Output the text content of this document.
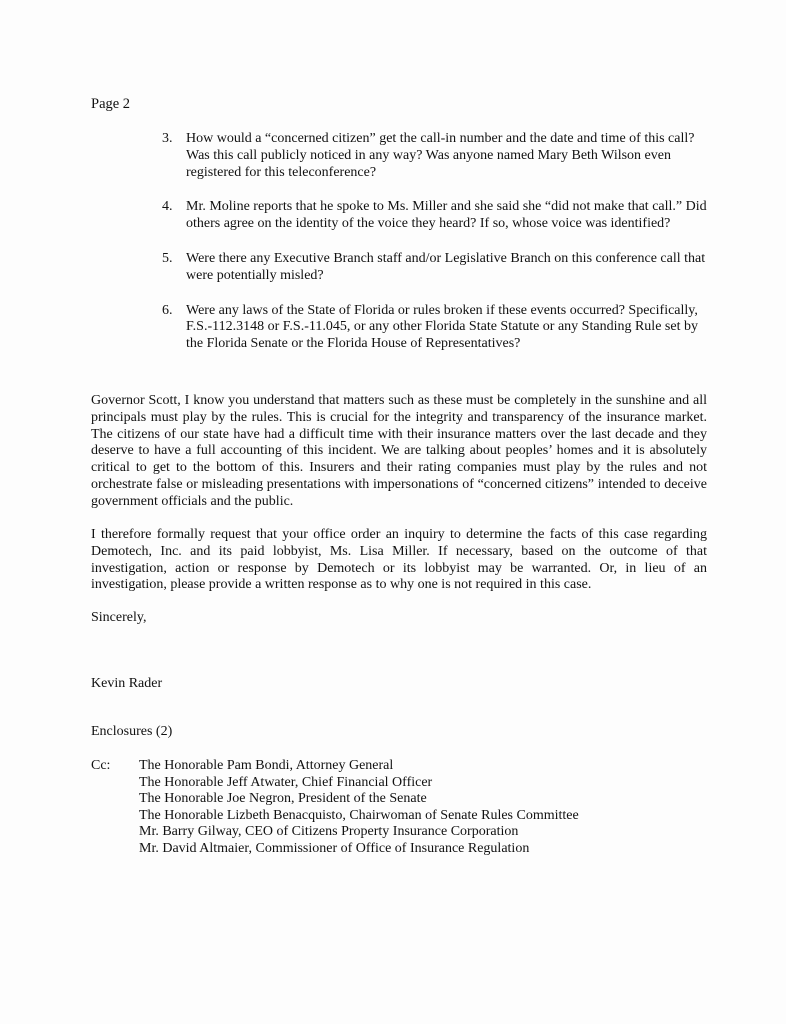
Page 2
3. How would a “concerned citizen” get the call-in number and the date and time of this call? Was this call publicly noticed in any way? Was anyone named Mary Beth Wilson even registered for this teleconference?
4. Mr. Moline reports that he spoke to Ms. Miller and she said she “did not make that call.” Did others agree on the identity of the voice they heard? If so, whose voice was identified?
5. Were there any Executive Branch staff and/or Legislative Branch on this conference call that were potentially misled?
6. Were any laws of the State of Florida or rules broken if these events occurred? Specifically, F.S.-112.3148 or F.S.-11.045, or any other Florida State Statute or any Standing Rule set by the Florida Senate or the Florida House of Representatives?

Governor Scott, I know you understand that matters such as these must be completely in the sunshine and all principals must play by the rules. This is crucial for the integrity and transparency of the insurance market. The citizens of our state have had a difficult time with their insurance matters over the last decade and they deserve to have a full accounting of this incident. We are talking about peoples’ homes and it is absolutely critical to get to the bottom of this. Insurers and their rating companies must play by the rules and not orchestrate false or misleading presentations with impersonations of “concerned citizens” intended to deceive government officials and the public.

I therefore formally request that your office order an inquiry to determine the facts of this case regarding Demotech, Inc. and its paid lobbyist, Ms. Lisa Miller. If necessary, based on the outcome of that investigation, action or response by Demotech or its lobbyist may be warranted. Or, in lieu of an investigation, please provide a written response as to why one is not required in this case.

Sincerely,
Kevin Rader
Enclosures (2)
Cc: The Honorable Pam Bondi, Attorney General
The Honorable Jeff Atwater, Chief Financial Officer
The Honorable Joe Negron, President of the Senate
The Honorable Lizbeth Benacquisto, Chairwoman of Senate Rules Committee
Mr. Barry Gilway, CEO of Citizens Property Insurance Corporation
Mr. David Altmaier, Commissioner of Office of Insurance Regulation
